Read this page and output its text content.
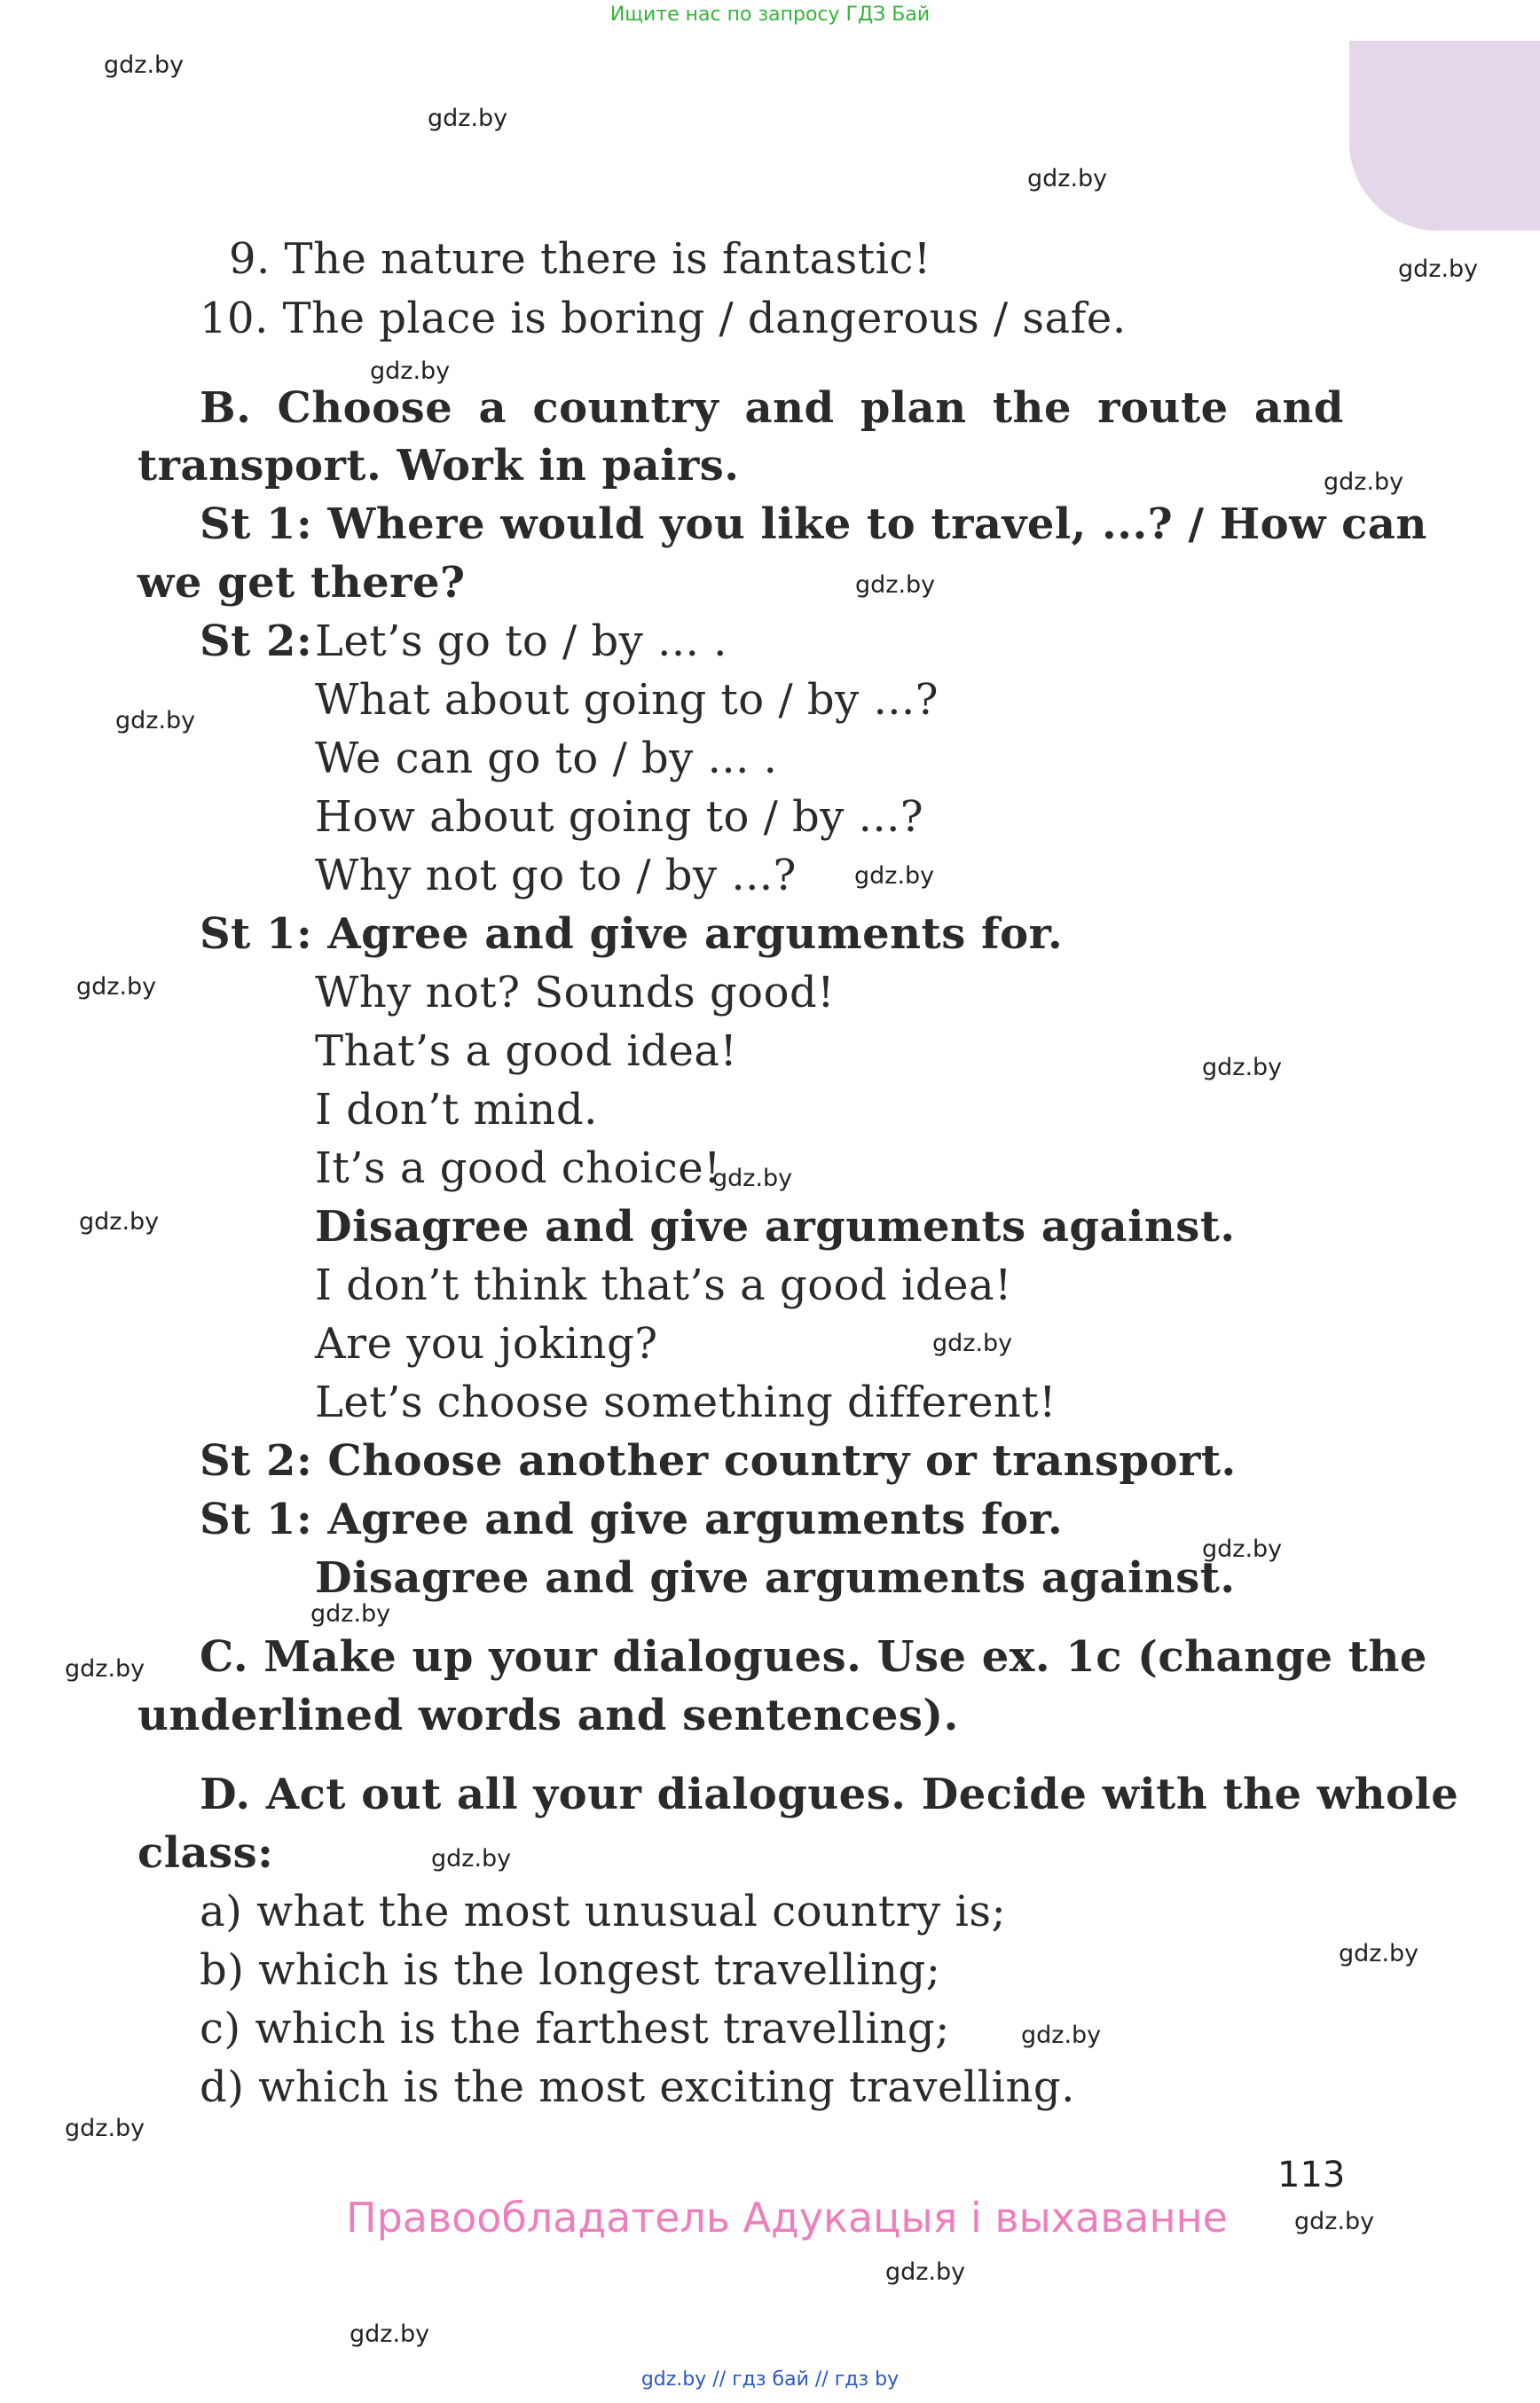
Ищите нас по запросу ГДЗ Бай
gdz.by
gdz.by
gdz.by
gdz.by
gdz.by
gdz.by
gdz.by
gdz.by
gdz.by
gdz.by
gdz.by
gdz.by
gdz.by
gdz.by
gdz.by
gdz.by
gdz.by
gdz.by
gdz.by
gdz.by
gdz.by
gdz.by
gdz.by
gdz.by
9. The nature there is fantastic!
10. The place is boring / dangerous / safe.
B. Choose a country and plan the route and
transport. Work in pairs.
St 1: Where would you like to travel, ...? / How can
we get there?
St 2: Let’s go to / by ... .
What about going to / by ...?
We can go to / by ... .
How about going to / by ...?
Why not go to / by ...?
St 1: Agree and give arguments for.
Why not? Sounds good!
That’s a good idea!
I don’t mind.
It’s a good choice!
Disagree and give arguments against.
I don’t think that’s a good idea!
Are you joking?
Let’s choose something different!
St 2: Choose another country or transport.
St 1: Agree and give arguments for.
Disagree and give arguments against.
C. Make up your dialogues. Use ex. 1c (change the
underlined words and sentences).
D. Act out all your dialogues. Decide with the whole
class:
a) what the most unusual country is;
b) which is the longest travelling;
c) which is the farthest travelling;
d) which is the most exciting travelling.
113
Правообладатель Адукацыя і выхаванне
gdz.by // гдз бай // гдз by
